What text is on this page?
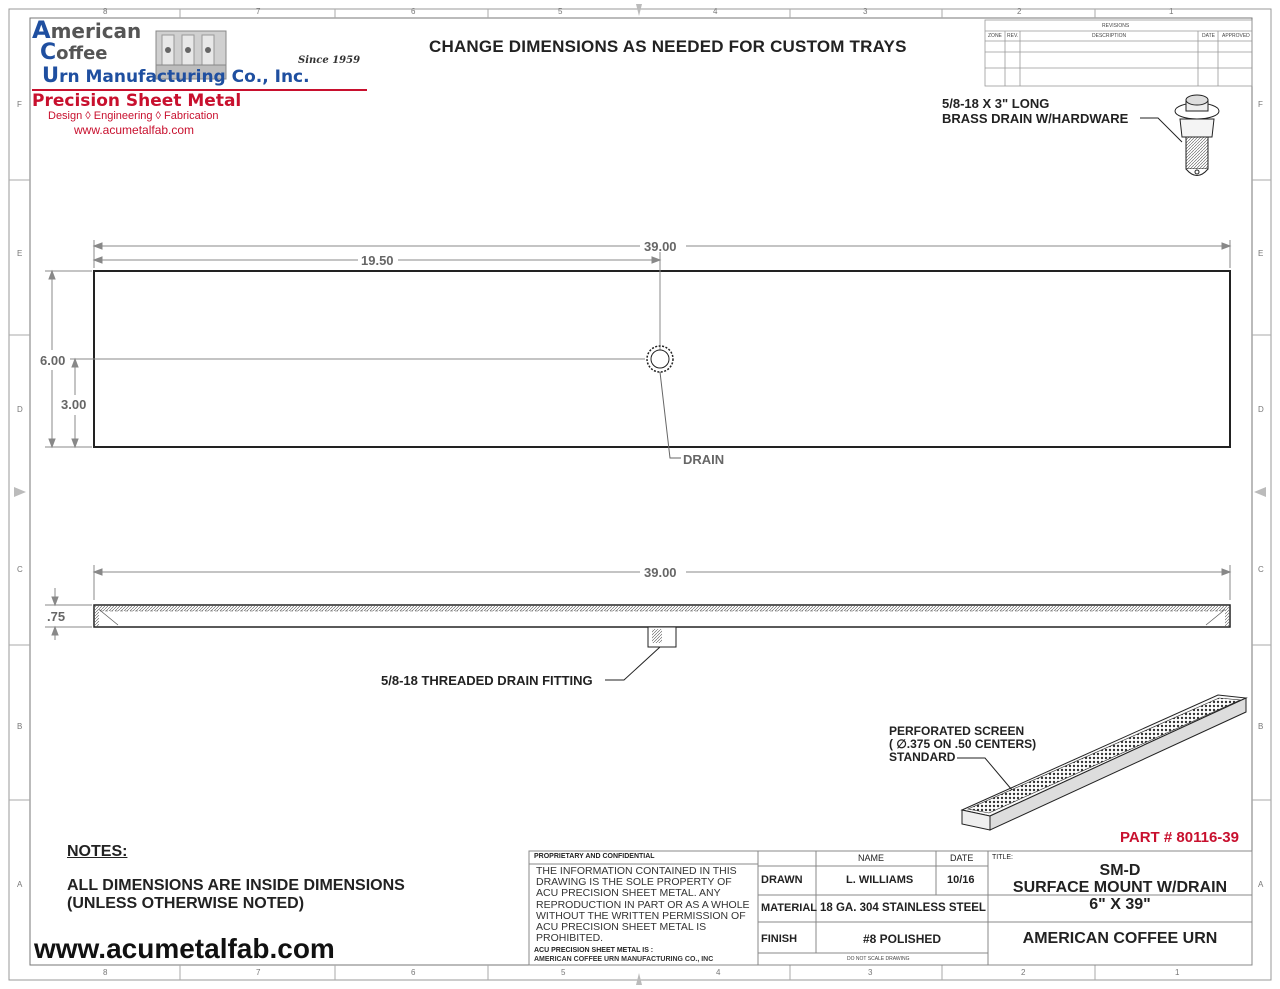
8	7	6	5	4	3	2	1
8	7	6	5	4	3	2	1
F
E
D
C
B
A
F
E
D
C
B
A
American
Coffee
Urn Manufacturing Co., Inc.
Since 1959
Precision Sheet Metal
Design ◊ Engineering ◊ Fabrication
www.acumetalfab.com
CHANGE DIMENSIONS AS NEEDED FOR CUSTOM TRAYS
REVISIONS
ZONE REV.	DESCRIPTION	DATE APPROVED
5/8-18 X 3" LONG
BRASS DRAIN W/HARDWARE
39.00
19.50
6.00
3.00
DRAIN
39.00
.75
5/8-18 THREADED DRAIN FITTING
PERFORATED SCREEN
( ∅.375 ON .50 CENTERS)
STANDARD
PART # 80116-39
NOTES:
ALL DIMENSIONS ARE INSIDE DIMENSIONS
(UNLESS OTHERWISE NOTED)
www.acumetalfab.com
PROPRIETARY AND CONFIDENTIAL
THE INFORMATION CONTAINED IN THIS
DRAWING IS THE SOLE PROPERTY OF
ACU PRECISION SHEET METAL. ANY
REPRODUCTION IN PART OR AS A WHOLE
WITHOUT THE WRITTEN PERMISSION OF
ACU PRECISION SHEET METAL IS
PROHIBITED.
ACU PRECISION SHEET METAL IS :
AMERICAN COFFEE URN MANUFACTURING CO., INC
NAME	DATE
DRAWN	L. WILLIAMS	10/16
MATERIAL 18 GA. 304 STAINLESS STEEL
FINISH	#8 POLISHED
DO NOT SCALE DRAWING
TITLE:
SM-D
SURFACE MOUNT W/DRAIN
6" X 39"
AMERICAN COFFEE URN
